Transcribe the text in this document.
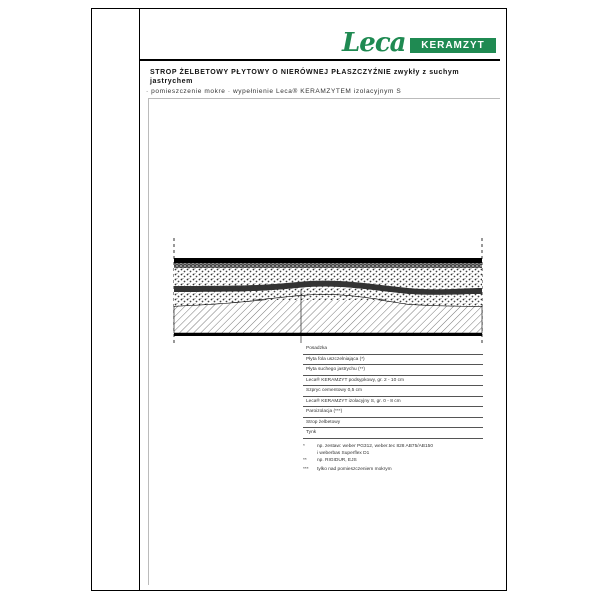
Leca	KERAMZYT
STROP ŻELBETOWY PŁYTOWY O NIERÓWNEJ PŁASZCZYŹNIE zwykły z suchym jastrychem
· pomieszczenie mokre · wypełnienie Leca® KERAMZYTEM izolacyjnym S
Posadzka
Płyta fola uszczelniająca (*)
Płyta suchego jastrychu (**)
Leca® KERAMZYT podsypkowy, gr. 2 - 10 cm
Szpryc cementowy 0,5 cm
Leca® KERAMZYT izolacyjny S, gr. 0 - 8 cm
Paroizolacja (***)
Strop żelbetowy
Tynk
*	np. zestaw: weber PG312, weber.tec 828 AB75/AB150
i weberbas Superflex D1
** np. RIGIDUR, EJS
*** tylko nad pomieszczeniem mokrym
